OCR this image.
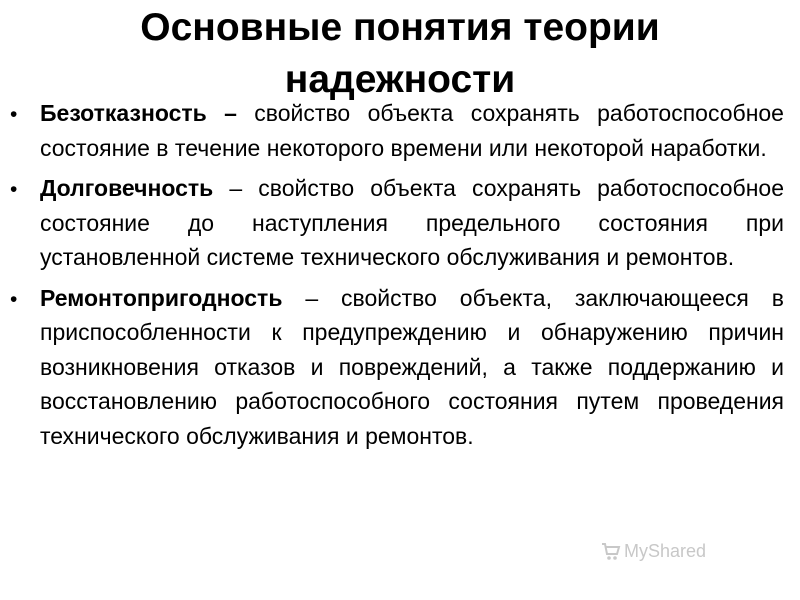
Основные понятия теории надежности
• Безотказность – свойство объекта сохранять работоспособное состояние в течение некоторого времени или некоторой наработки.
• Долговечность – свойство объекта сохранять работоспособное состояние до наступления предельного состояния при установленной системе технического обслуживания и ремонтов.
• Ремонтопригодность – свойство объекта, заключающееся в приспособленности к предупреждению и обнаружению причин возникновения отказов и повреждений, а также поддержанию и восстановлению работоспособного состояния путем проведения технического обслуживания и ремонтов.
MyShared
